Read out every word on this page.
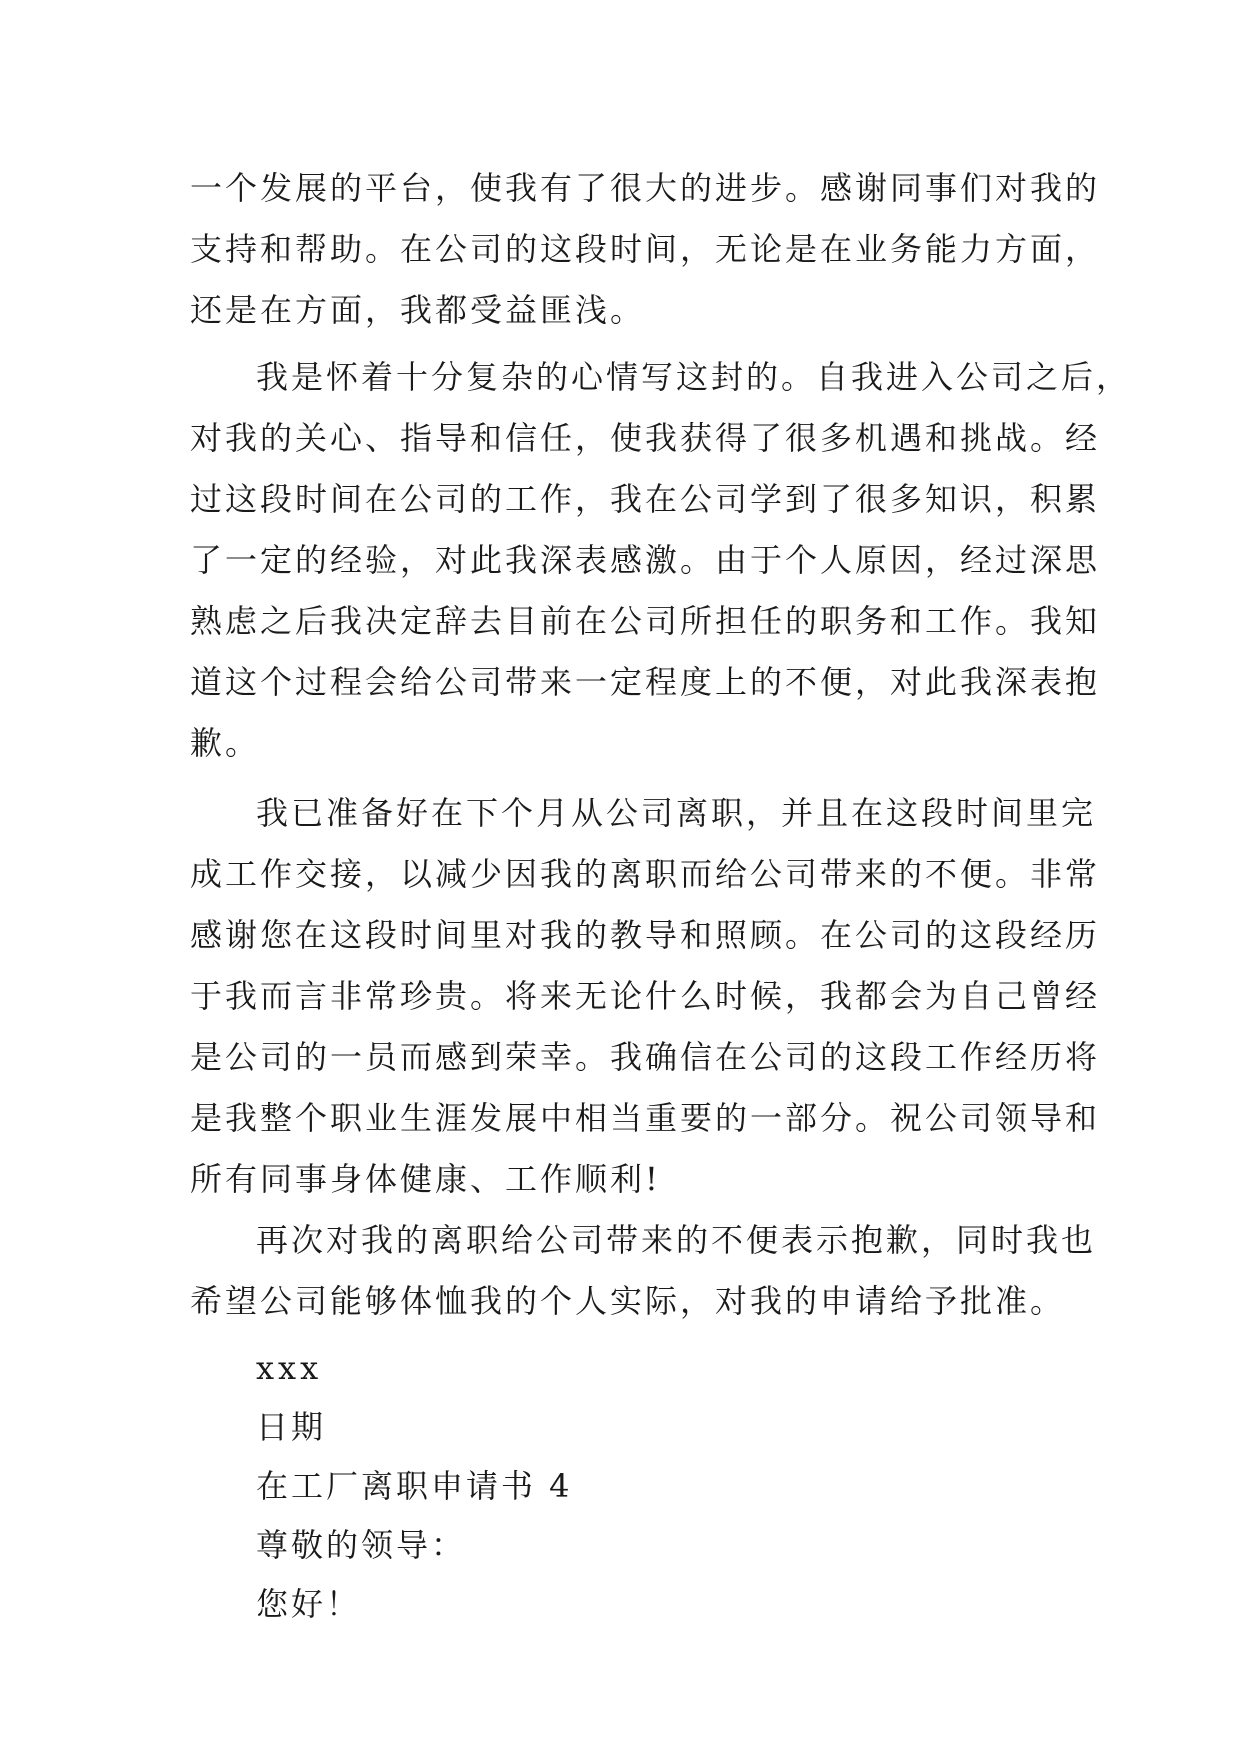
一个发展的平台，使我有了很大的进步。感谢同事们对我的
支持和帮助。在公司的这段时间，无论是在业务能力方面，
还是在方面，我都受益匪浅。
我是怀着十分复杂的心情写这封的。自我进入公司之后，
对我的关心、指导和信任，使我获得了很多机遇和挑战。经
过这段时间在公司的工作，我在公司学到了很多知识，积累
了一定的经验，对此我深表感激。由于个人原因，经过深思
熟虑之后我决定辞去目前在公司所担任的职务和工作。我知
道这个过程会给公司带来一定程度上的不便，对此我深表抱
歉。
我已准备好在下个月从公司离职，并且在这段时间里完
成工作交接，以减少因我的离职而给公司带来的不便。非常
感谢您在这段时间里对我的教导和照顾。在公司的这段经历
于我而言非常珍贵。将来无论什么时候，我都会为自己曾经
是公司的一员而感到荣幸。我确信在公司的这段工作经历将
是我整个职业生涯发展中相当重要的一部分。祝公司领导和
所有同事身体健康、工作顺利!
再次对我的离职给公司带来的不便表示抱歉，同时我也
希望公司能够体恤我的个人实际，对我的申请给予批准。
xxx
日期
在工厂离职申请书 4
尊敬的领导：
您好！
